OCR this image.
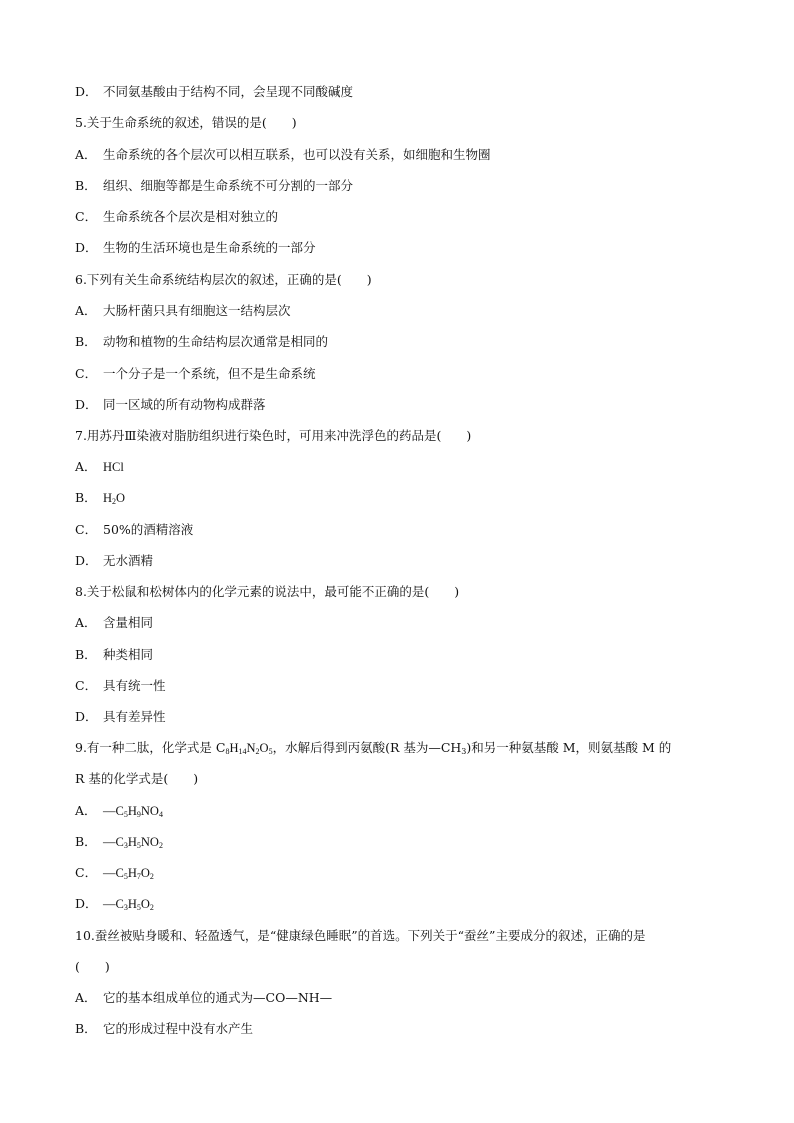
D． 不同氨基酸由于结构不同，会呈现不同酸碱度
5.关于生命系统的叙述，错误的是(　　)
A． 生命系统的各个层次可以相互联系，也可以没有关系，如细胞和生物圈
B． 组织、细胞等都是生命系统不可分割的一部分
C． 生命系统各个层次是相对独立的
D． 生物的生活环境也是生命系统的一部分
6.下列有关生命系统结构层次的叙述，正确的是(　　)
A． 大肠杆菌只具有细胞这一结构层次
B． 动物和植物的生命结构层次通常是相同的
C． 一个分子是一个系统，但不是生命系统
D． 同一区域的所有动物构成群落
7.用苏丹Ⅲ染液对脂肪组织进行染色时，可用来冲洗浮色的药品是(　　)
A． HCl
B． $H_2O$
C． 50%的酒精溶液
D． 无水酒精
8.关于松鼠和松树体内的化学元素的说法中，最可能不正确的是(　　)
A． 含量相同
B． 种类相同
C． 具有统一性
D． 具有差异性
9.有一种二肽，化学式是 $C_8H_{14}N_2O_5$，水解后得到丙氨酸(R 基为$—CH_3$)和另一种氨基酸 M，则氨基酸 M 的
R 基的化学式是(　　)
A． $—C_5H_9NO_4$
B． $—C_3H_5NO_2$
C． $—C_5H_7O_2$
D． $—C_3H_5O_2$
10.蚕丝被贴身暖和、轻盈透气，是“健康绿色睡眠”的首选。下列关于“蚕丝”主要成分的叙述，正确的是
(　　)
A． 它的基本组成单位的通式为—CO—NH—
B． 它的形成过程中没有水产生
